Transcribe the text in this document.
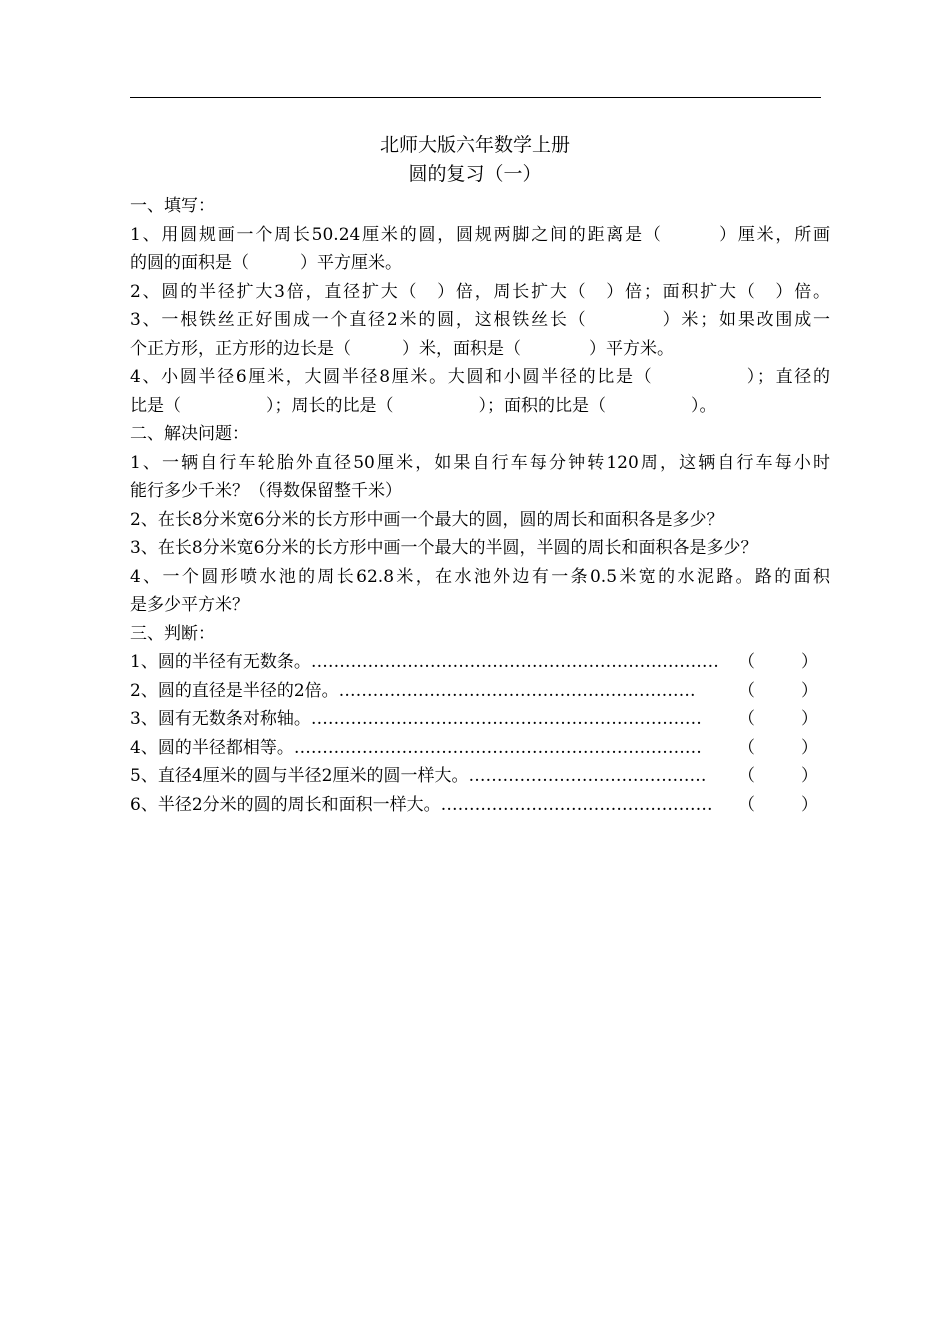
北师大版六年数学上册
圆的复习（一）
一、填写：
1、用圆规画一个周长50.24厘米的圆，圆规两脚之间的距离是（　　　）厘米，所画
的圆的面积是（　　　）平方厘米。
2、圆的半径扩大3倍，直径扩大（　）倍，周长扩大（　）倍；面积扩大（　）倍。
3、一根铁丝正好围成一个直径2米的圆，这根铁丝长（　　　　）米；如果改围成一
个正方形，正方形的边长是（　　　）米，面积是（　　　　）平方米。
4、小圆半径6厘米，大圆半径8厘米。大圆和小圆半径的比是（　　　　　）；直径的
比是（　　　　　）；周长的比是（　　　　　）；面积的比是（　　　　　）。
二、解决问题：
1、一辆自行车轮胎外直径50厘米，如果自行车每分钟转120周，这辆自行车每小时
能行多少千米？（得数保留整千米）
2、在长8分米宽6分米的长方形中画一个最大的圆，圆的周长和面积各是多少？
3、在长8分米宽6分米的长方形中画一个最大的半圆，半圆的周长和面积各是多少？
4、一个圆形喷水池的周长62.8米，在水池外边有一条0.5米宽的水泥路。路的面积
是多少平方米？
三、判断：
1、圆的半径有无数条。……………………………………………………………… （	）
2、圆的直径是半径的2倍。……………………………………………………… （	）
3、圆有无数条对称轴。…………………………………………………………… （	）
4、圆的半径都相等。……………………………………………………………… （	）
5、直径4厘米的圆与半径2厘米的圆一样大。…………………………………… （	）
6、半径2分米的圆的周长和面积一样大。………………………………………… （	）
